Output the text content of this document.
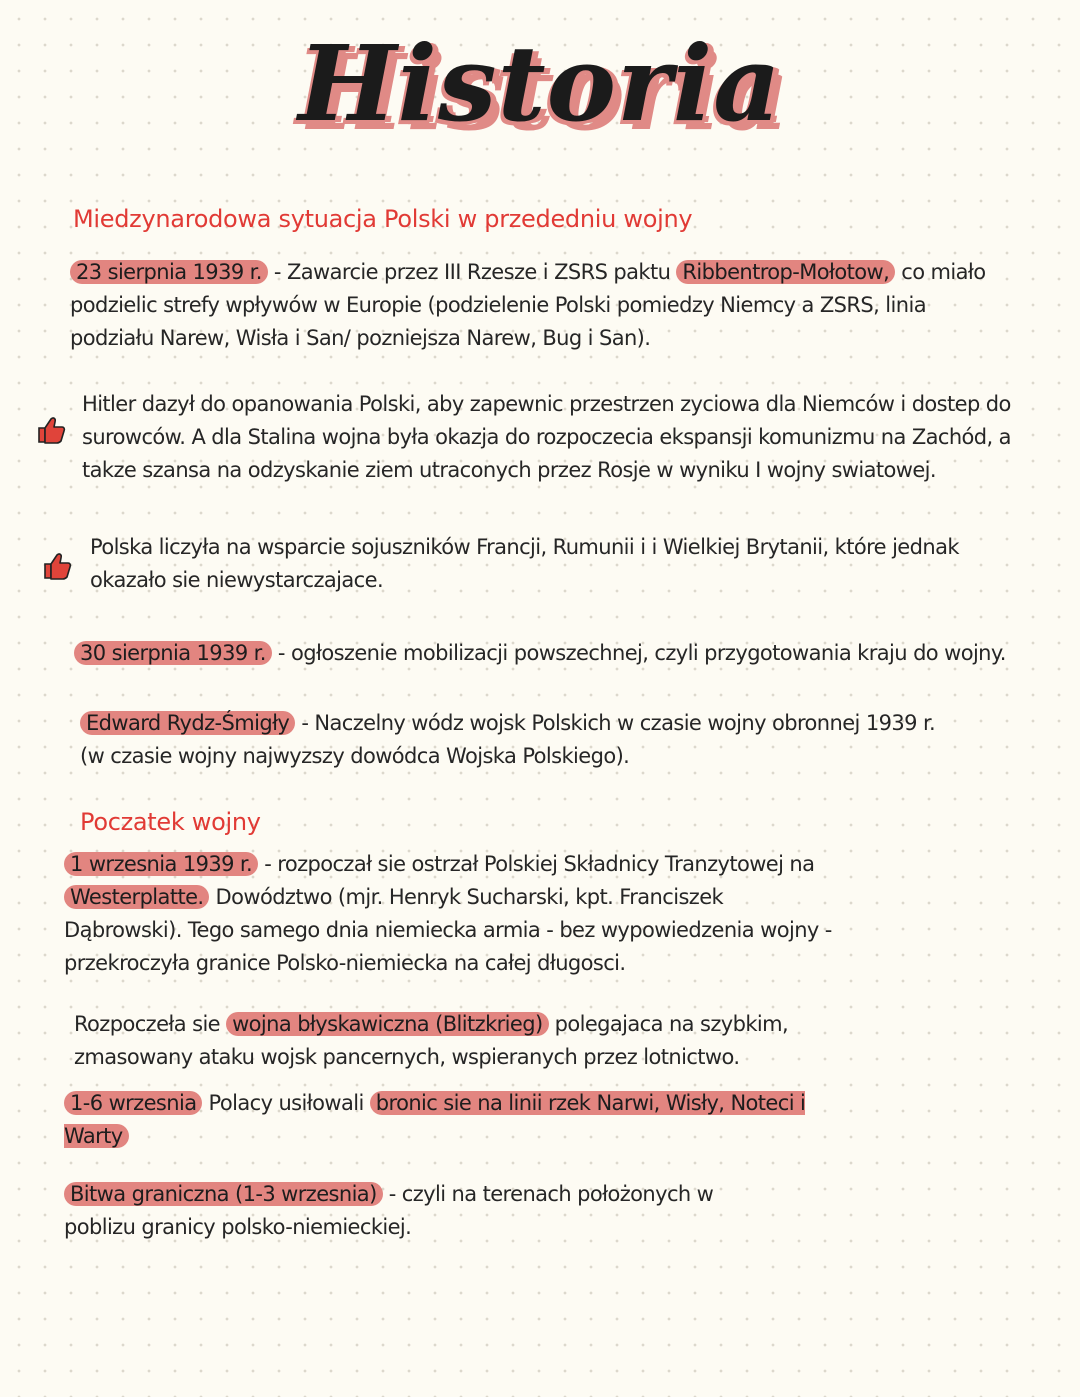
Historia
Miedzynarodowa sytuacja Polski w przededniu wojny
23 sierpnia 1939 r. - Zawarcie przez III Rzesze i ZSRS paktu Ribbentrop-Mołotow, co miało podzielic strefy wpływów w Europie (podzielenie Polski pomiedzy Niemcy a ZSRS, linia podziału Narew, Wisła i San/ pozniejsza Narew, Bug i San).
Hitler dazył do opanowania Polski, aby zapewnic przestrzen zyciowa dla Niemców i dostep do surowców. A dla Stalina wojna była okazja do rozpoczecia ekspansji komunizmu na Zachód, a takze szansa na odzyskanie ziem utraconych przez Rosje w wyniku I wojny swiatowej.
Polska liczyła na wsparcie sojuszników Francji, Rumunii i i Wielkiej Brytanii, które jednak okazało sie niewystarczajace.
30 sierpnia 1939 r. - ogłoszenie mobilizacji powszechnej, czyli przygotowania kraju do wojny.
Edward Rydz-Śmigły - Naczelny wódz wojsk Polskich w czasie wojny obronnej 1939 r. (w czasie wojny najwyzszy dowódca Wojska Polskiego).
Poczatek wojny
1 wrzesnia 1939 r. - rozpoczał sie ostrzał Polskiej Składnicy Tranzytowej na Westerplatte. Dowództwo (mjr. Henryk Sucharski, kpt. Franciszek Dąbrowski). Tego samego dnia niemiecka armia - bez wypowiedzenia wojny - przekroczyła granice Polsko-niemiecka na całej długosci.
Rozpoczeła sie wojna błyskawiczna (Blitzkrieg) polegajaca na szybkim, zmasowany ataku wojsk pancernych, wspieranych przez lotnictwo.
1-6 wrzesnia Polacy usiłowali bronic sie na linii rzek Narwi, Wisły, Noteci i Warty
Bitwa graniczna (1-3 wrzesnia) - czyli na terenach położonych w poblizu granicy polsko-niemieckiej.
